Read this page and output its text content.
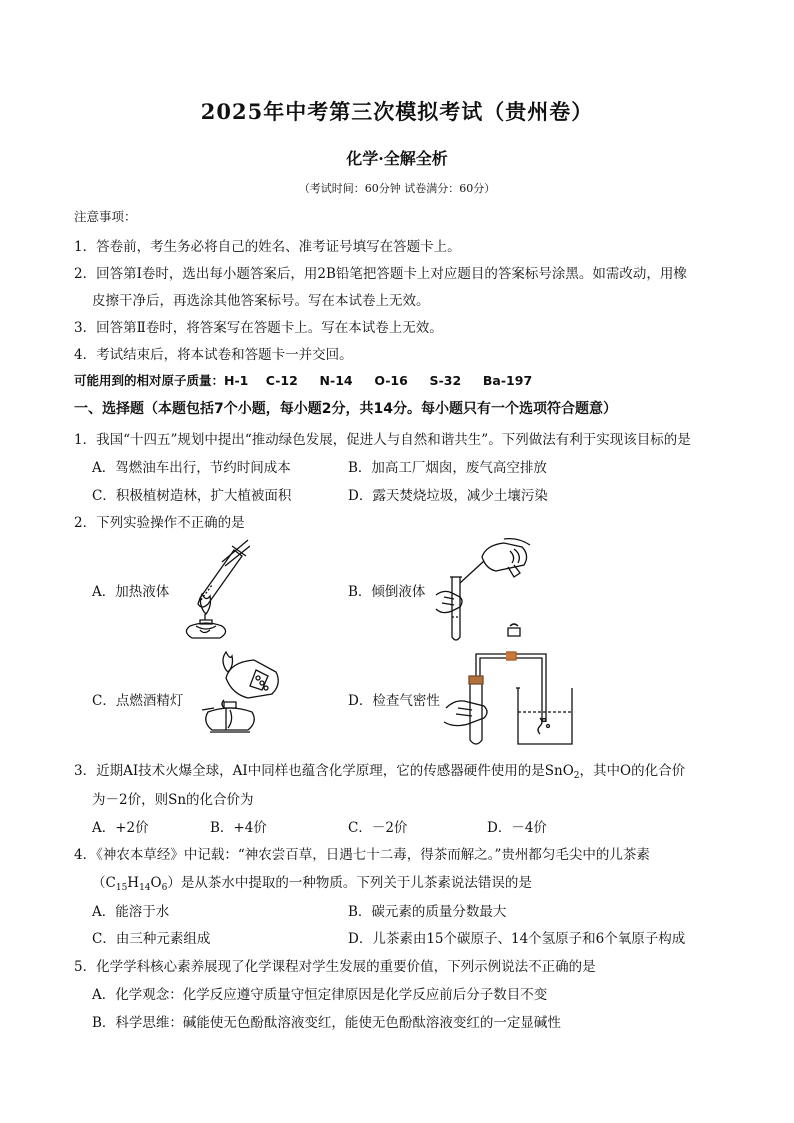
2025年中考第三次模拟考试（贵州卷）
化学·全解全析
（考试时间：60分钟 试卷满分：60分）
注意事项：
1．答卷前，考生务必将自己的姓名、准考证号填写在答题卡上。
2．回答第Ⅰ卷时，选出每小题答案后，用2B铅笔把答题卡上对应题目的答案标号涂黑。如需改动，用橡
皮擦干净后，再选涂其他答案标号。写在本试卷上无效。
3．回答第Ⅱ卷时，将答案写在答题卡上。写在本试卷上无效。
4．考试结束后，将本试卷和答题卡一并交回。
可能用到的相对原子质量：H-1    C-12     N-14     O-16     S-32     Ba-197
一、选择题（本题包括7个小题，每小题2分，共14分。每小题只有一个选项符合题意）
1．我国“十四五”规划中提出“推动绿色发展，促进人与自然和谐共生”。下列做法有利于实现该目标的是
A．驾燃油车出行，节约时间成本	B．加高工厂烟囱，废气高空排放
C．积极植树造林，扩大植被面积	D．露天焚烧垃圾，减少土壤污染
2．下列实验操作不正确的是
A．加热液体	B．倾倒液体
C．点燃酒精灯	D．检查气密性
3．近期AI技术火爆全球，AI中同样也蕴含化学原理，它的传感器硬件使用的是SnO$_2$，其中O的化合价
为－2价，则Sn的化合价为
A．+2价	B．+4价	C．－2价	D．－4价
4．《神农本草经》中记载：“神农尝百草，日遇七十二毒，得茶而解之。”贵州都匀毛尖中的儿茶素
$(C_{15}H_{14}O_6)$是从茶水中提取的一种物质。下列关于儿茶素说法错误的是
A．能溶于水	B．碳元素的质量分数最大
C．由三种元素组成	D．儿茶素由15个碳原子、14个氢原子和6个氧原子构成
5．化学学科核心素养展现了化学课程对学生发展的重要价值，下列示例说法不正确的是
A．化学观念：化学反应遵守质量守恒定律原因是化学反应前后分子数目不变
B．科学思维：碱能使无色酚酞溶液变红，能使无色酚酞溶液变红的一定显碱性
